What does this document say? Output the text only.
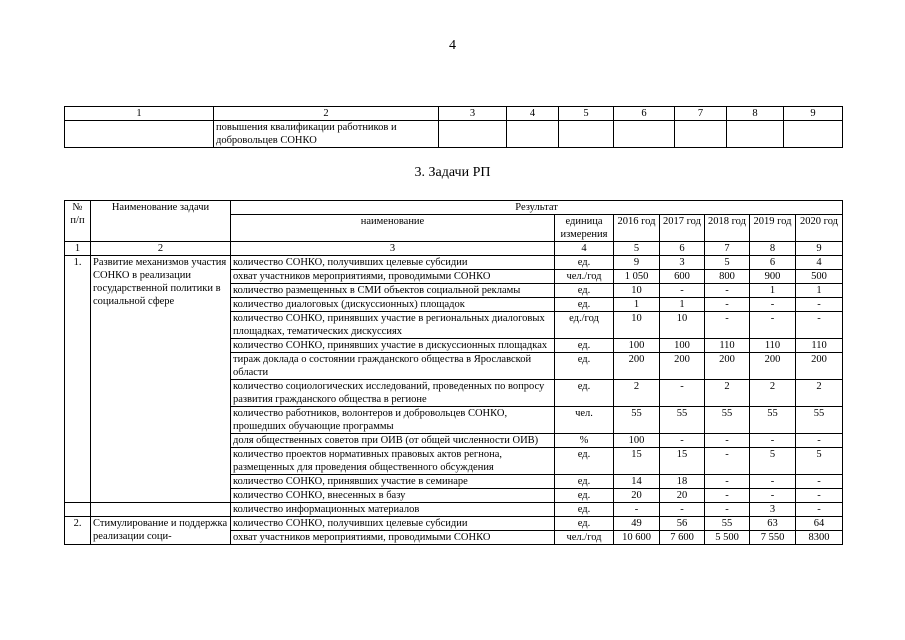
4
1	2	3	4	5	6	7	8	9
	повышения квалификации работников и добровольцев СОНКО							
3. Задачи РП
№ п/п	Наименование задачи	Результат						
		наименование	единица измерения	2016 год	2017 год	2018 год	2019 год	2020 год
1	2	3	4	5	6	7	8	9
1.	Развитие механизмов участия СОНКО в реализации государственной политики в социальной сфере	количество СОНКО, получивших целевые субсидии	ед.	9	3	5	6	4
		охват участников мероприятиями, проводимыми СОНКО	чел./год	1 050	600	800	900	500
		количество размещенных в СМИ объектов социальной рекламы	ед.	10	-	-	1	1
		количество диалоговых (дискуссионных) площадок	ед.	1	1	-	-	-
		количество СОНКО, принявших участие в региональных диалоговых площадках, тематических дискуссиях	ед./год	10	10	-	-	-
		количество СОНКО, принявших участие в дискуссионных площадках	ед.	100	100	110	110	110
		тираж доклада о состоянии гражданского общества в Ярославской области	ед.	200	200	200	200	200
		количество социологических исследований, проведенных по вопросу развития гражданского общества в регионе	ед.	2	-	2	2	2
		количество работников, волонтеров и добровольцев СОНКО, прошедших обучающие программы	чел.	55	55	55	55	55
		доля общественных советов при ОИВ (от общей численности ОИВ)	%	100	-	-	-	-
		количество проектов нормативных правовых актов регнона, размещенных для проведения общественного обсуждения	ед.	15	15	-	5	5
		количество СОНКО, принявших участие в семинаре	ед.	14	18	-	-	-
		количество СОНКО, внесенных в базу	ед.	20	20	-	-	-
		количество информационных материалов	ед.	-	-	-	3	-
2.	Стимулирование и поддержка реализации соци-	количество СОНКО, получивших целевые субсидии	ед.	49	56	55	63	64
		охват участников мероприятиями, проводимыми СОНКО	чел./год	10 600	7 600	5 500	7 550	8300
